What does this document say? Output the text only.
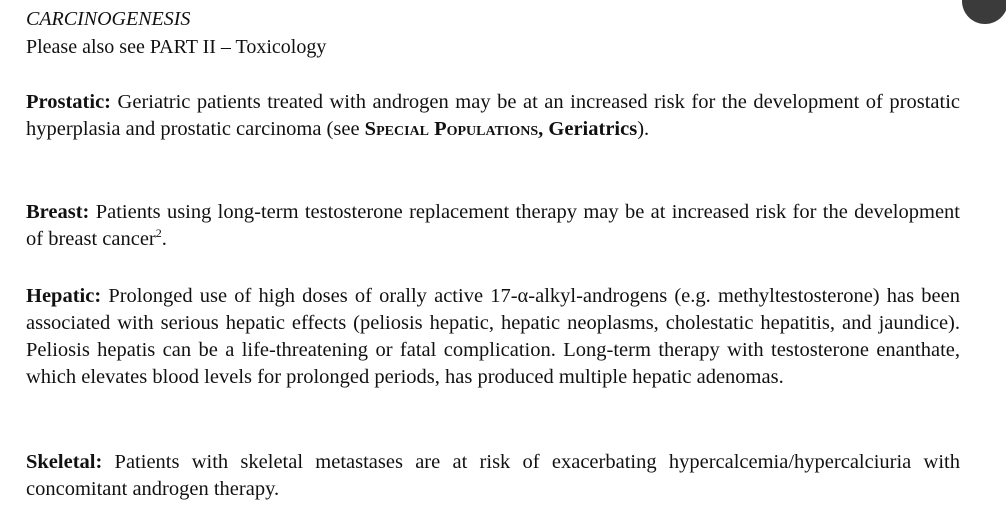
CARCINOGENESIS
Please also see PART II – Toxicology
Prostatic: Geriatric patients treated with androgen may be at an increased risk for the development of prostatic hyperplasia and prostatic carcinoma (see Special Populations, Geriatrics).
Breast: Patients using long-term testosterone replacement therapy may be at increased risk for the development of breast cancer$^2$.
Hepatic: Prolonged use of high doses of orally active 17-α-alkyl-androgens (e.g. methyltestosterone) has been associated with serious hepatic effects (peliosis hepatic, hepatic neoplasms, cholestatic hepatitis, and jaundice). Peliosis hepatis can be a life-threatening or fatal complication. Long-term therapy with testosterone enanthate, which elevates blood levels for prolonged periods, has produced multiple hepatic adenomas.
Skeletal: Patients with skeletal metastases are at risk of exacerbating hypercalcemia/hypercalciuria with concomitant androgen therapy.
